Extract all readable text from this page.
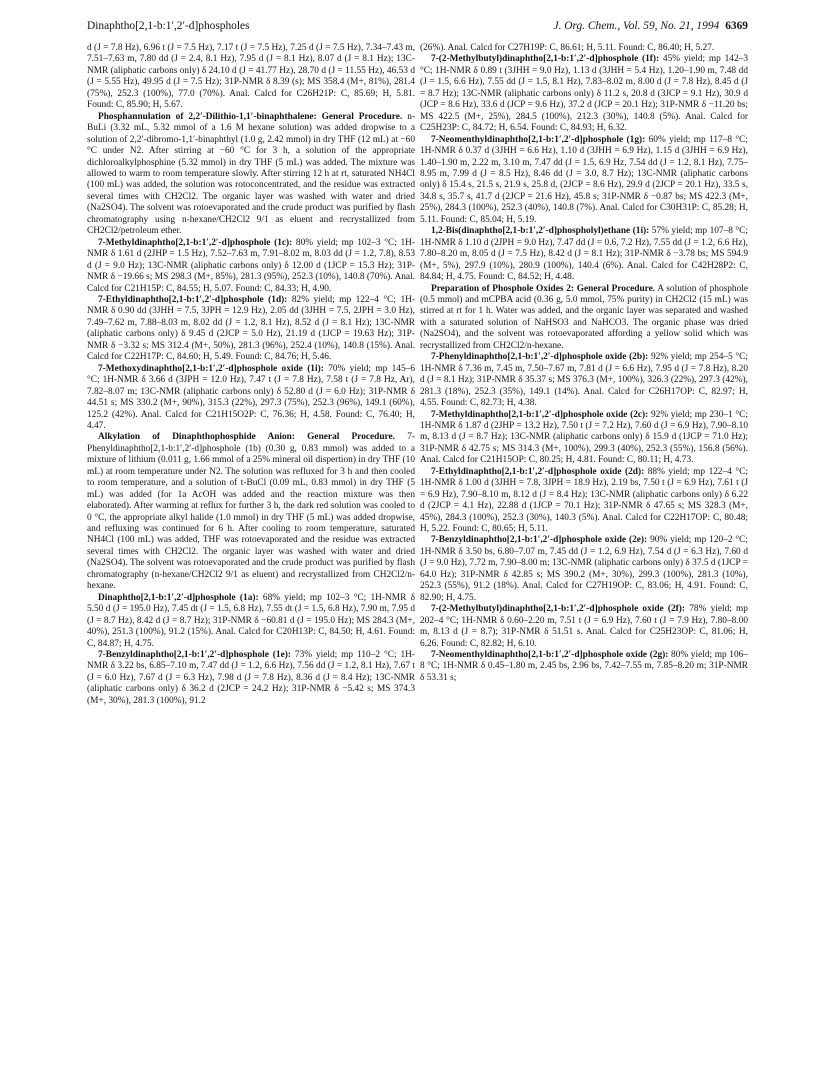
Dinaphtho[2,1-b:1′,2′-d]phospholes	J. Org. Chem., Vol. 59, No. 21, 1994 6369

d (J = 7.8 Hz), 6.96 t (J = 7.5 Hz), 7.17 t (J = 7.5 Hz), 7.25 d (J = 7.5 Hz), 7.34–7.43 m, 7.51–7.63 m, 7.80 dd (J = 2.4, 8.1 Hz), 7.95 d (J = 8.1 Hz), 8.07 d (J = 8.1 Hz); 13C-NMR (aliphatic carbons only) δ 24.10 d (J = 41.77 Hz), 28.70 d (J = 11.55 Hz), 46.53 d (J = 5.55 Hz), 49.95 d (J = 7.5 Hz); 31P-NMR δ 8.39 (s); MS 358.4 (M+, 81%), 281.4 (75%), 252.3 (100%), 77.0 (70%). Anal. Calcd for C26H21P: C, 85.69; H, 5.81. Found: C, 85.90; H, 5.67.

Phosphannulation of 2,2′-Dilithio-1,1′-binaphthalene: General Procedure. n-BuLi (3.32 mL, 5.32 mmol of a 1.6 M hexane solution) was added dropwise to a solution of 2,2′-dibromo-1,1′-binaphthyl (1.0 g, 2.42 mmol) in dry THF (12 mL) at −60 °C under N2. After stirring at −60 °C for 3 h, a solution of the appropriate dichloroalkylphosphine (5.32 mmol) in dry THF (5 mL) was added. The mixture was allowed to warm to room temperature slowly. After stirring 12 h at rt, saturated NH4Cl (100 mL) was added, the solution was rotoconcentrated, and the residue was extracted several times with CH2Cl2. The organic layer was washed with water and dried (Na2SO4). The solvent was rotoevaporated and the crude product was purified by flash chromatography using n-hexane/CH2Cl2 9/1 as eluent and recrystallized from CH2Cl2/petroleum ether.

7-Methyldinaphtho[2,1-b:1′,2′-d]phosphole (1c): 80% yield; mp 102–3 °C; 1H-NMR δ 1.61 d (2JHP = 1.5 Hz), 7.52–7.63 m, 7.91–8.02 m, 8.03 dd (J = 1.2, 7.8), 8.53 d (J = 9.0 Hz); 13C-NMR (aliphatic carbons only) δ 12.00 d (1JCP = 15.3 Hz); 31P-NMR δ −19.66 s; MS 298.3 (M+, 85%), 281.3 (95%), 252.3 (10%), 140.8 (70%). Anal. Calcd for C21H15P: C, 84.55; H, 5.07. Found: C, 84.33; H, 4.90.

7-Ethyldinaphtho[2,1-b:1′,2′-d]phosphole (1d): 82% yield; mp 122–4 °C; 1H-NMR δ 0.90 dd (3JHH = 7.5, 3JPH = 12.9 Hz), 2.05 dd (3JHH = 7.5, 2JPH = 3.0 Hz), 7.49–7.62 m, 7.88–8.03 m, 8.02 dd (J = 1.2, 8.1 Hz), 8.52 d (J = 8.1 Hz); 13C-NMR (aliphatic carbons only) δ 9.45 d (2JCP = 5.0 Hz), 21.19 d (1JCP = 19.63 Hz); 31P-NMR δ −3.32 s; MS 312.4 (M+, 50%), 281.3 (96%), 252.4 (10%), 140.8 (15%). Anal. Calcd for C22H17P: C, 84.60; H, 5.49. Found: C, 84.76; H, 5.46.

7-Methoxydinaphtho[2,1-b:1′,2′-d]phosphole oxide (1i): 70% yield; mp 145–6 °C; 1H-NMR δ 3.66 d (3JPH = 12.0 Hz), 7.47 t (J = 7.8 Hz), 7.58 t (J = 7.8 Hz, Ar), 7.82–8.07 m; 13C-NMR (aliphatic carbons only) δ 52.80 d (J = 6.0 Hz); 31P-NMR δ 44.51 s; MS 330.2 (M+, 90%), 315.3 (22%), 297.3 (75%), 252.3 (96%), 149.1 (60%), 125.2 (42%). Anal. Calcd for C21H15O2P: C, 76.36; H, 4.58. Found: C, 76.40; H, 4.47.

Alkylation of Dinaphthophosphide Anion: General Procedure. 7-Phenyldinaphtho[2,1-b:1′,2′-d]phosphole (1b) (0.30 g, 0.83 mmol) was added to a mixture of lithium (0.011 g, 1.66 mmol of a 25% mineral oil dispertion) in dry THF (10 mL) at room temperature under N2. The solution was refluxed for 3 h and then cooled to room temperature, and a solution of t-BuCl (0.09 mL, 0.83 mmol) in dry THF (5 mL) was added (for 1a AcOH was added and the reaction mixture was then elaborated). After warming at reflux for further 3 h, the dark red solution was cooled to 0 °C, the appropriate alkyl halide (1.0 mmol) in dry THF (5 mL) was added dropwise, and refluxing was continued for 6 h. After cooling to room temperature, saturated NH4Cl (100 mL) was added, THF was rotoevaporated and the residue was extracted several times with CH2Cl2. The organic layer was washed with water and dried (Na2SO4). The solvent was rotoevaporated and the crude product was purified by flash chromatography (n-hexane/CH2Cl2 9/1 as eluent) and recrystallized from CH2Cl2/n-hexane.

Dinaphtho[2,1-b:1′,2′-d]phosphole (1a): 68% yield; mp 102–3 °C; 1H-NMR δ 5.50 d (J = 195.0 Hz), 7.45 dt (J = 1.5, 6.8 Hz), 7.55 dt (J = 1.5, 6.8 Hz), 7.90 m, 7.95 d (J = 8.7 Hz), 8.42 d (J = 8.7 Hz); 31P-NMR δ −60.81 d (J = 195.0 Hz); MS 284.3 (M+, 40%), 251.3 (100%), 91.2 (15%). Anal. Calcd for C20H13P: C, 84.50; H, 4.61. Found: C, 84.87; H, 4.75.

7-Benzyldinaphtho[2,1-b:1′,2′-d]phosphole (1e): 73% yield; mp 110–2 °C; 1H-NMR δ 3.22 bs, 6.85–7.10 m, 7.47 dd (J = 1.2, 6.6 Hz), 7.56 dd (J = 1.2, 8.1 Hz), 7.67 t (J = 6.0 Hz), 7.67 d (J = 6.3 Hz), 7.98 d (J = 7.8 Hz), 8.36 d (J = 8.4 Hz); 13C-NMR (aliphatic carbons only) δ 36.2 d (2JCP = 24.2 Hz); 31P-NMR δ −5.42 s; MS 374.3 (M+, 30%), 281.3 (100%), 91.2

(26%). Anal. Calcd for C27H19P: C, 86.61; H, 5.11. Found: C, 86.40; H, 5.27.

7-(2-Methylbutyl)dinaphtho[2,1-b:1′,2′-d]phosphole (1f): 45% yield; mp 142–3 °C; 1H-NMR δ 0.89 t (3JHH = 9.0 Hz), 1.13 d (3JHH = 5.4 Hz), 1.20–1.90 m, 7.48 dd (J = 1.5, 6.6 Hz), 7.55 dd (J = 1.5, 8.1 Hz), 7.83–8.02 m, 8.00 d (J = 7.8 Hz), 8.45 d (J = 8.7 Hz); 13C-NMR (aliphatic carbons only) δ 11.2 s, 20.8 d (3JCP = 9.1 Hz), 30.9 d (JCP = 8.6 Hz), 33.6 d (JCP = 9.6 Hz), 37.2 d (JCP = 20.1 Hz); 31P-NMR δ −11.20 bs; MS 422.5 (M+, 25%), 284.5 (100%), 212.3 (30%), 140.8 (5%). Anal. Calcd for C25H23P: C, 84.72; H, 6.54. Found: C, 84.93; H, 6.32.

7-Neomenthyldinaphtho[2,1-b:1′,2′-d]phosphole (1g): 60% yield; mp 117–8 °C; 1H-NMR δ 0.37 d (3JHH = 6.6 Hz), 1.10 d (3JHH = 6.9 Hz), 1.15 d (3JHH = 6.9 Hz), 1.40–1.90 m, 2.22 m, 3.10 m, 7.47 dd (J = 1.5, 6.9 Hz, 7.54 dd (J = 1.2, 8.1 Hz), 7.75–8.95 m, 7.99 d (J = 8.5 Hz), 8.46 dd (J = 3.0, 8.7 Hz); 13C-NMR (aliphatic carbons only) δ 15.4 s, 21.5 s, 21.9 s, 25.8 d, (2JCP = 8.6 Hz), 29.9 d (2JCP = 20.1 Hz), 33.5 s, 34.8 s, 35.7 s, 41.7 d (2JCP = 21.6 Hz), 45.8 s; 31P-NMR δ −0.87 bs; MS 422.3 (M+, 25%), 284.3 (100%), 252.3 (40%), 140.8 (7%). Anal. Calcd for C30H31P: C, 85.28; H, 5.11. Found: C, 85.04; H, 5.19.

1,2-Bis(dinaphtho[2,1-b:1′,2′-d]phospholyl)ethane (1i): 57% yield; mp 107–8 °C; 1H-NMR δ 1.10 d (2JPH = 9.0 Hz), 7.47 dd (J = 0.6, 7.2 Hz), 7.55 dd (J = 1.2, 6.6 Hz), 7.80–8.20 m, 8.05 d (J = 7.5 Hz), 8.42 d (J = 8.1 Hz); 31P-NMR δ −3.78 bs; MS 594.9 (M+, 5%), 297.9 (10%), 280.9 (100%), 140.4 (6%). Anal. Calcd for C42H28P2: C, 84.84; H, 4.75. Found: C, 84.52; H, 4.48.

Preparation of Phosphole Oxides 2: General Procedure. A solution of phosphole (0.5 mmol) and mCPBA acid (0.36 g, 5.0 mmol, 75% purity) in CH2Cl2 (15 mL) was stirred at rt for 1 h. Water was added, and the organic layer was separated and washed with a saturated solution of NaHSO3 and NaHCO3. The organic phase was dried (Na2SO4), and the solvent was rotoevaporated affording a yellow solid which was recrystallized from CH2Cl2/n-hexane.

7-Phenyldinaphtho[2,1-b:1′,2′-d]phosphole oxide (2b): 92% yield; mp 254–5 °C; 1H-NMR δ 7.36 m, 7.45 m, 7.50–7.67 m, 7.81 d (J = 6.6 Hz), 7.95 d (J = 7.8 Hz), 8.20 d (J = 8.1 Hz); 31P-NMR δ 35.37 s; MS 376.3 (M+, 100%), 326.3 (22%), 297.3 (42%), 281.3 (18%), 252.3 (35%), 149.1 (14%). Anal. Calcd for C26H17OP: C, 82.97; H, 4.55. Found: C, 82.73; H, 4.38.

7-Methyldinaphtho[2,1-b:1′,2′-d]phosphole oxide (2c): 92% yield; mp 230–1 °C; 1H-NMR δ 1.87 d (2JHP = 13.2 Hz), 7.50 t (J = 7.2 Hz), 7.60 d (J = 6.9 Hz), 7.90–8.10 m, 8.13 d (J = 8.7 Hz); 13C-NMR (aliphatic carbons only) δ 15.9 d (1JCP = 71.0 Hz); 31P-NMR δ 42.75 s; MS 314.3 (M+, 100%), 299.3 (40%), 252.3 (55%), 156.8 (56%). Anal. Calcd for C21H15OP: C, 80.25; H, 4.81. Found: C, 80.11; H, 4.73.

7-Ethyldinaphtho[2,1-b:1′,2′-d]phosphole oxide (2d): 88% yield; mp 122–4 °C; 1H-NMR δ 1.00 d (3JHH = 7.8, 3JPH = 18.9 Hz), 2.19 bs, 7.50 t (J = 6.9 Hz), 7.61 t (J = 6.9 Hz), 7.90–8.10 m, 8.12 d (J = 8.4 Hz); 13C-NMR (aliphatic carbons only) δ 6.22 d (2JCP = 4.1 Hz), 22.88 d (1JCP = 70.1 Hz); 31P-NMR δ 47.65 s; MS 328.3 (M+, 45%), 284.3 (100%), 252.3 (30%), 140.3 (5%). Anal. Calcd for C22H17OP: C, 80.48; H, 5.22. Found: C, 80.65; H, 5.11.

7-Benzyldinaphtho[2,1-b:1′,2′-d]phosphole oxide (2e): 90% yield; mp 120–2 °C; 1H-NMR δ 3.50 bs, 6.80–7.07 m, 7.45 dd (J = 1.2, 6.9 Hz), 7.54 d (J = 6.3 Hz), 7.60 d (J = 9.0 Hz), 7.72 m, 7.90–8.00 m; 13C-NMR (aliphatic carbons only) δ 37.5 d (1JCP = 64.0 Hz); 31P-NMR δ 42.85 s; MS 390.2 (M+, 30%), 299.3 (100%), 281.3 (10%), 252.3 (55%), 91.2 (18%). Anal. Calcd for C27H19OP: C, 83.06; H, 4.91. Found: C, 82.90; H, 4.75.

7-(2-Methylbutyl)dinaphtho[2,1-b:1′,2′-d]phosphole oxide (2f): 78% yield; mp 202–4 °C; 1H-NMR δ 0.60–2.20 m, 7.51 t (J = 6.9 Hz), 7.60 t (J = 7.9 Hz), 7.80–8.00 m, 8.13 d (J = 8.7); 31P-NMR δ 51.51 s. Anal. Calcd for C25H23OP: C, 81.06; H, 6.26. Found: C, 82.82; H, 6.10.

7-Neomenthyldinaphtho[2,1-b:1′,2′-d]phosphole oxide (2g): 80% yield; mp 106–8 °C; 1H-NMR δ 0.45–1.80 m, 2.45 bs, 2.96 bs, 7.42–7.55 m, 7.85–8.20 m; 31P-NMR δ 53.31 s;
